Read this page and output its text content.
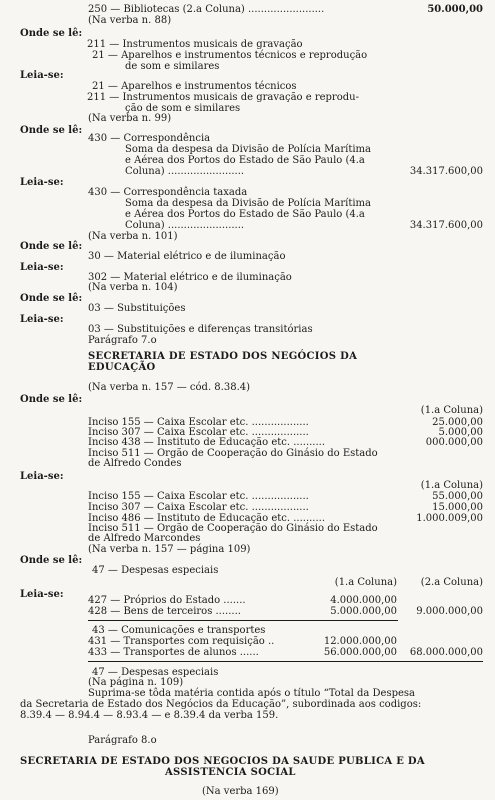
250 — Bibliotecas (2.a Coluna) ........................	50.000,00
(Na verba n. 88)
Onde se lê:
211 — Instrumentos musicais de gravação
21 — Aparelhos e instrumentos técnicos e reprodução
de som e similares
Leia-se:
21 — Aparelhos e instrumentos técnicos
211 — Instrumentos musicais de gravação e reprodu-
ção de som e similares
(Na verba n. 99)
Onde se lê:
430 — Correspondência
Soma da despesa da Divisão de Polícia Marítima
e Aérea dos Portos do Estado de São Paulo (4.a
Coluna) ........................	34.317.600,00
Leia-se:
430 — Correspondência taxada
Soma da despesa da Divisão de Polícia Marítima
e Aérea dos Portos do Estado de São Paulo (4.a
Coluna) ........................	34.317.600,00
(Na verba n. 101)
Onde se lê:
30 — Material elétrico e de iluminação
Leia-se:
302 — Material elétrico e de iluminação
(Na verba n. 104)
Onde se lê:
03 — Substituições
Leia-se:
03 — Substituições e diferenças transitórias
Parágrafo 7.o
SECRETARIA DE ESTADO DOS NEGÓCIOS DA
EDUCAÇÃO
(Na verba n. 157 — cód. 8.38.4)
Onde se lê:
(1.a Coluna)
Inciso 155 — Caixa Escolar etc. ..................	25.000,00
Inciso 307 — Caixa Escolar etc. ..................	5.000,00
Inciso 438 — Instituto de Educação etc. ..........	000.000,00
Inciso 511 — Orgão de Cooperação do Ginásio do Estado
de Alfredo Condes
Leia-se:
(1.a Coluna)
Inciso 155 — Caixa Escolar etc. ..................	55.000,00
Inciso 307 — Caixa Escolar etc. ..................	15.000,00
Inciso 486 — Instituto de Educação etc. ..........	1.000.009,00
Inciso 511 — Orgão de Cooperação do Ginásio do Estado
de Alfredo Marcondes
(Na verba n. 157 — página 109)
Onde se lê:
47 — Despesas especiais
(1.a Coluna) (2.a Coluna)
Leia-se:
427 — Próprios do Estado .......	4.000.000,00
428 — Bens de terceiros ........	5.000.000,00 9.000.000,00
43 — Comunicações e transportes
431 — Transportes com requisição ..	12.000.000,00
433 — Transportes de alunos ......	56.000.000,00 68.000.000,00
47 — Despesas especiais
(Na página n. 109)
Suprima-se tôda matéria contida após o título “Total da Despesa
da Secretaria de Estado dos Negócios da Educação”, subordinada aos codigos:
8.39.4 — 8.94.4 — 8.93.4 — e 8.39.4 da verba 159.
Parágrafo 8.o
SECRETARIA DE ESTADO DOS NEGOCIOS DA SAUDE PUBLICA E DA
ASSISTENCIA SOCIAL
(Na verba 169)
